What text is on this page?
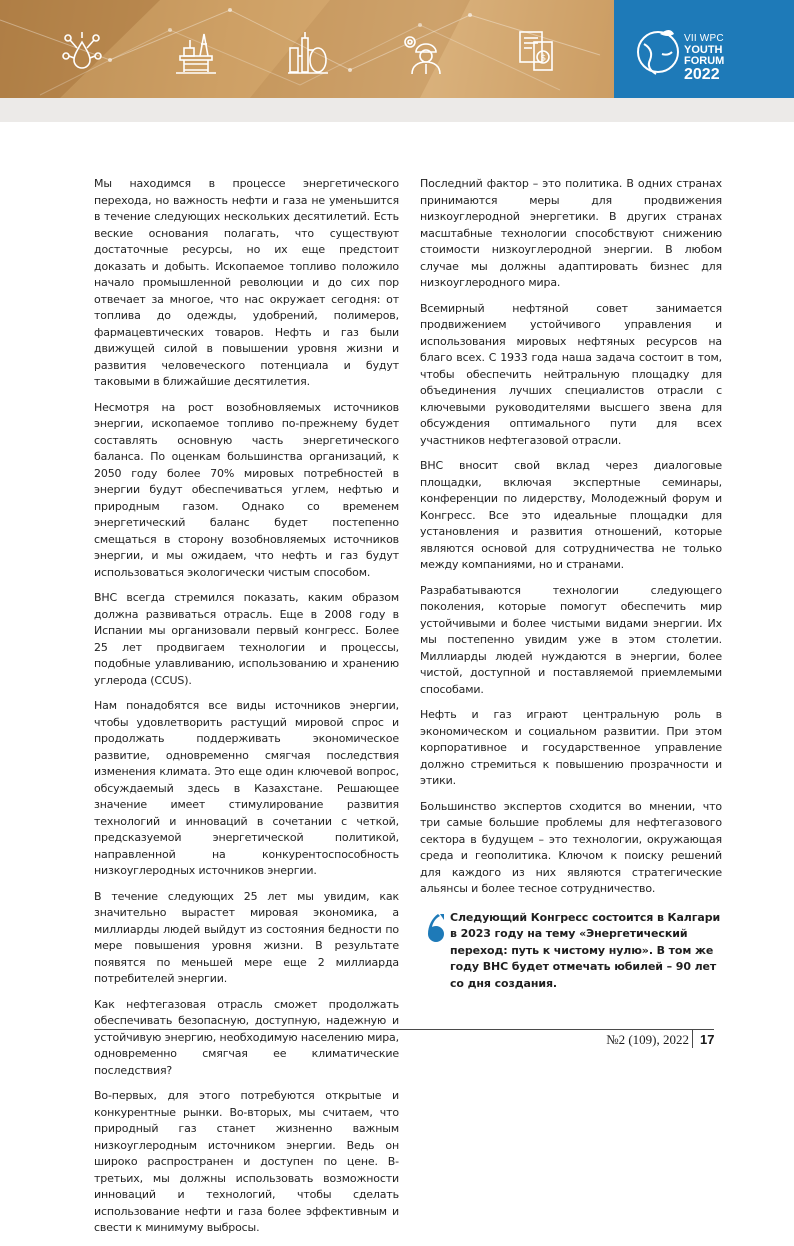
$
VII WPC
YOUTH
FORUM
2022

Мы находимся в процессе энергетического перехода, но важность нефти и газа не уменьшится в течение следующих нескольких десятилетий. Есть веские основания полагать, что существуют достаточные ресурсы, но их еще предстоит доказать и добыть. Ископаемое топливо положило начало промышленной революции и до сих пор отвечает за многое, что нас окружает сегодня: от топлива до одежды, удобрений, полимеров, фармацевтических товаров. Нефть и газ были движущей силой в повышении уровня жизни и развития человеческого потенциала и будут таковыми в ближайшие десятилетия.

Несмотря на рост возобновляемых источников энергии, ископаемое топливо по-прежнему будет составлять основную часть энергетического баланса. По оценкам большинства организаций, к 2050 году более 70% мировых потребностей в энергии будут обеспечиваться углем, нефтью и природным газом. Однако со временем энергетический баланс будет постепенно смещаться в сторону возобновляемых источников энергии, и мы ожидаем, что нефть и газ будут использоваться экологически чистым способом.

ВНС всегда стремился показать, каким образом должна развиваться отрасль. Еще в 2008 году в Испании мы организовали первый конгресс. Более 25 лет продвигаем технологии и процессы, подобные улавливанию, использованию и хранению углерода (CCUS).

Нам понадобятся все виды источников энергии, чтобы удовлетворить растущий мировой спрос и продолжать поддерживать экономическое развитие, одновременно смягчая последствия изменения климата. Это еще один ключевой вопрос, обсуждаемый здесь в Казахстане. Решающее значение имеет стимулирование развития технологий и инноваций в сочетании с четкой, предсказуемой энергетической политикой, направленной на конкурентоспособность низкоуглеродных источников энергии.

В течение следующих 25 лет мы увидим, как значительно вырастет мировая экономика, а миллиарды людей выйдут из состояния бедности по мере повышения уровня жизни. В результате появятся по меньшей мере еще 2 миллиарда потребителей энергии.

Как нефтегазовая отрасль сможет продолжать обеспечивать безопасную, доступную, надежную и устойчивую энергию, необходимую населению мира, одновременно смягчая ее климатические последствия?

Во-первых, для этого потребуются открытые и конкурентные рынки. Во-вторых, мы считаем, что природный газ станет жизненно важным низкоуглеродным источником энергии. Ведь он широко распространен и доступен по цене. В-третьих, мы должны использовать возможности инноваций и технологий, чтобы сделать использование нефти и газа более эффективным и свести к минимуму выбросы.

Последний фактор – это политика. В одних странах принимаются меры для продвижения низкоуглеродной энергетики. В других странах масштабные технологии способствуют снижению стоимости низкоуглеродной энергии. В любом случае мы должны адаптировать бизнес для низкоуглеродного мира.

Всемирный нефтяной совет занимается продвижением устойчивого управления и использования мировых нефтяных ресурсов на благо всех. С 1933 года наша задача состоит в том, чтобы обеспечить нейтральную площадку для объединения лучших специалистов отрасли с ключевыми руководителями высшего звена для обсуждения оптимального пути для всех участников нефтегазовой отрасли.

ВНС вносит свой вклад через диалоговые площадки, включая экспертные семинары, конференции по лидерству, Молодежный форум и Конгресс. Все это идеальные площадки для установления и развития отношений, которые являются основой для сотрудничества не только между компаниями, но и странами.

Разрабатываются технологии следующего поколения, которые помогут обеспечить мир устойчивыми и более чистыми видами энергии. Их мы постепенно увидим уже в этом столетии. Миллиарды людей нуждаются в энергии, более чистой, доступной и поставляемой приемлемыми способами.

Нефть и газ играют центральную роль в экономическом и социальном развитии. При этом корпоративное и государственное управление должно стремиться к повышению прозрачности и этики.

Большинство экспертов сходится во мнении, что три самые большие проблемы для нефтегазового сектора в будущем – это технологии, окружающая среда и геополитика. Ключом к поиску решений для каждого из них являются стратегические альянсы и более тесное сотрудничество.

Следующий Конгресс состоится в Калгари в 2023 году на тему «Энергетический переход: путь к чистому нулю». В том же году ВНС будет отмечать юбилей – 90 лет со дня создания.

№2 (109), 2022 17
